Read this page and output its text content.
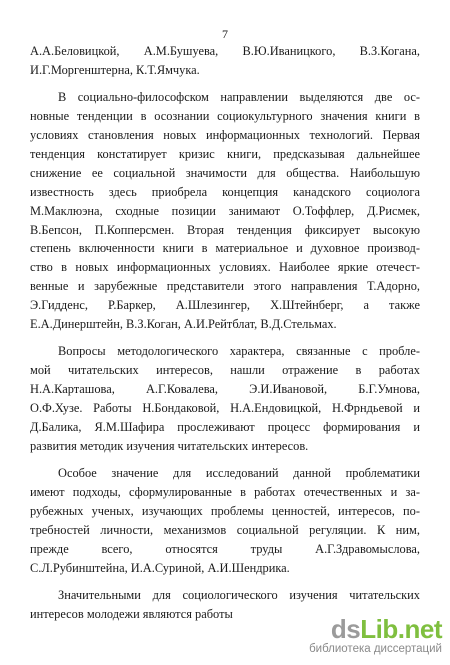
7
А.А.Беловицкой, А.М.Бушуева, В.Ю.Иваницкого, В.З.Когана,
И.Г.Моргенштерна, К.Т.Ямчука.
В социально-философском направлении выделяются две ос-
новные тенденции в осознании социокультурного значения книги в
условиях становления новых информационных технологий. Первая
тенденция констатирует кризис книги, предсказывая дальнейшее
снижение ее социальной значимости для общества. Наибольшую
известность здесь приобрела концепция канадского социолога
М.Маклюэна, сходные позиции занимают О.Тоффлер, Д.Рисмек,
В.Бепсон, П.Копперсмен. Вторая тенденция фиксирует высокую
степень включенности книги в материальное и духовное производ-
ство в новых информационных условиях. Наиболее яркие отечест-
венные и зарубежные представители этого направления Т.Адорно,
Э.Гидденс, Р.Баркер, А.Шлезингер, Х.Штейнберг, а также
Е.А.Динерштейн, В.З.Коган, А.И.Рейтблат, В.Д.Стельмах.
Вопросы методологического характера, связанные с пробле-
мой читательских интересов, нашли отражение в работах
Н.А.Карташова, А.Г.Ковалева, Э.И.Ивановой, Б.Г.Умнова,
О.Ф.Хузе. Работы Н.Бондаковой, Н.А.Ендовицкой, Н.Фрндьевой и
Д.Балика, Я.М.Шафира прослеживают процесс формирования и
развития методик изучения читательских интересов.
Особое значение для исследований данной проблематики
имеют подходы, сформулированные в работах отечественных и за-
рубежных ученых, изучающих проблемы ценностей, интересов, по-
требностей личности, механизмов социальной регуляции. К ним,
прежде всего, относятся труды А.Г.Здравомыслова,
С.Л.Рубинштейна, И.А.Суриной, А.И.Шендрика.
Значительными для социологического изучения читательских
интересов молодежи являются работы
dsLib.net
библиотека диссертаций
